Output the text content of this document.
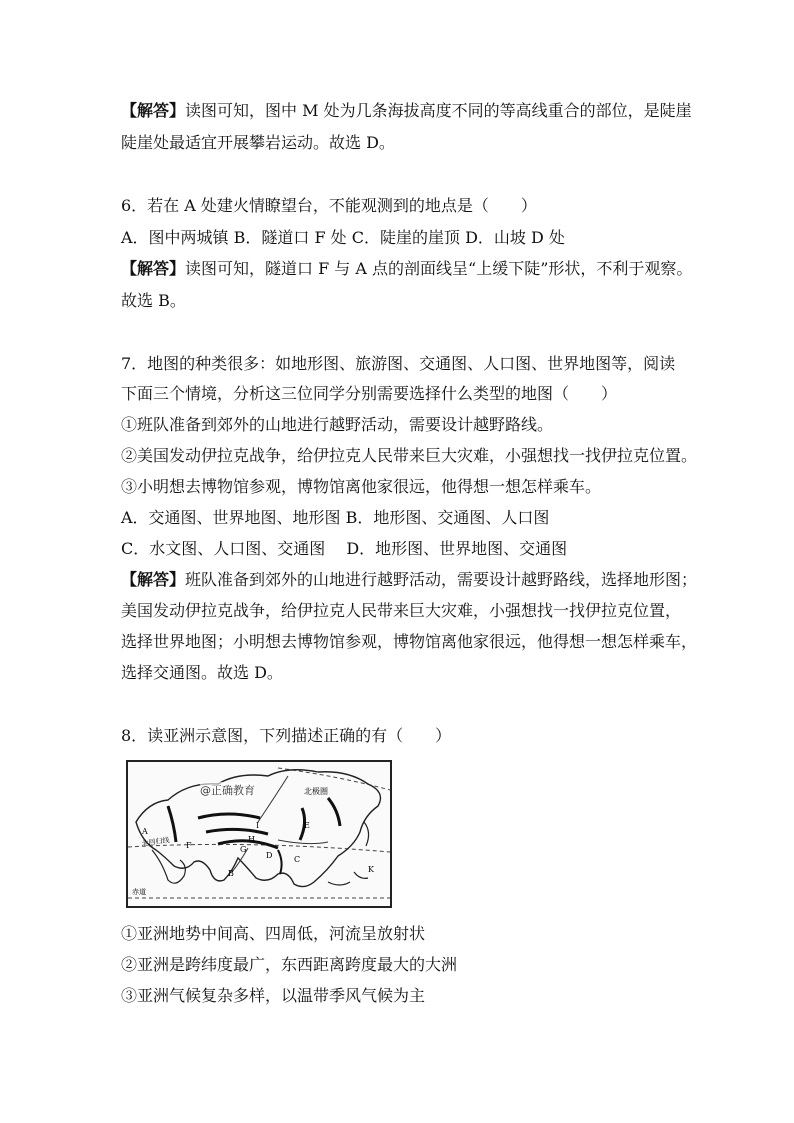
【解答】读图可知，图中 M 处为几条海拔高度不同的等高线重合的部位，是陡崖
陡崖处最适宜开展攀岩运动。故选 D。
6．若在 A 处建火情瞭望台，不能观测到的地点是（　　）
A．图中两城镇 B．隧道口 F 处 C．陡崖的崖顶 D．山坡 D 处
【解答】读图可知，隧道口 F 与 A 点的剖面线呈“上缓下陡”形状，不利于观察。
故选 B。
7．地图的种类很多：如地形图、旅游图、交通图、人口图、世界地图等，阅读
下面三个情境，分析这三位同学分别需要选择什么类型的地图（　　）
①班队准备到郊外的山地进行越野活动，需要设计越野路线。
②美国发动伊拉克战争，给伊拉克人民带来巨大灾难，小强想找一找伊拉克位置。
③小明想去博物馆参观，博物馆离他家很远，他得想一想怎样乘车。
A．交通图、世界地图、地形图 B．地形图、交通图、人口图
C．水文图、人口图、交通图　 D．地形图、世界地图、交通图
【解答】班队准备到郊外的山地进行越野活动，需要设计越野路线，选择地形图；
美国发动伊拉克战争，给伊拉克人民带来巨大灾难，小强想找一找伊拉克位置，
选择世界地图；小明想去博物馆参观，博物馆离他家很远，他得想一想怎样乘车，
选择交通图。故选 D。
8．读亚洲示意图，下列描述正确的有（　　）
北极圈
北回归线
赤道
A
F
B
I
H
G
D
E
C
K
@正确教育
①亚洲地势中间高、四周低，河流呈放射状
②亚洲是跨纬度最广，东西距离跨度最大的大洲
③亚洲气候复杂多样，以温带季风气候为主
